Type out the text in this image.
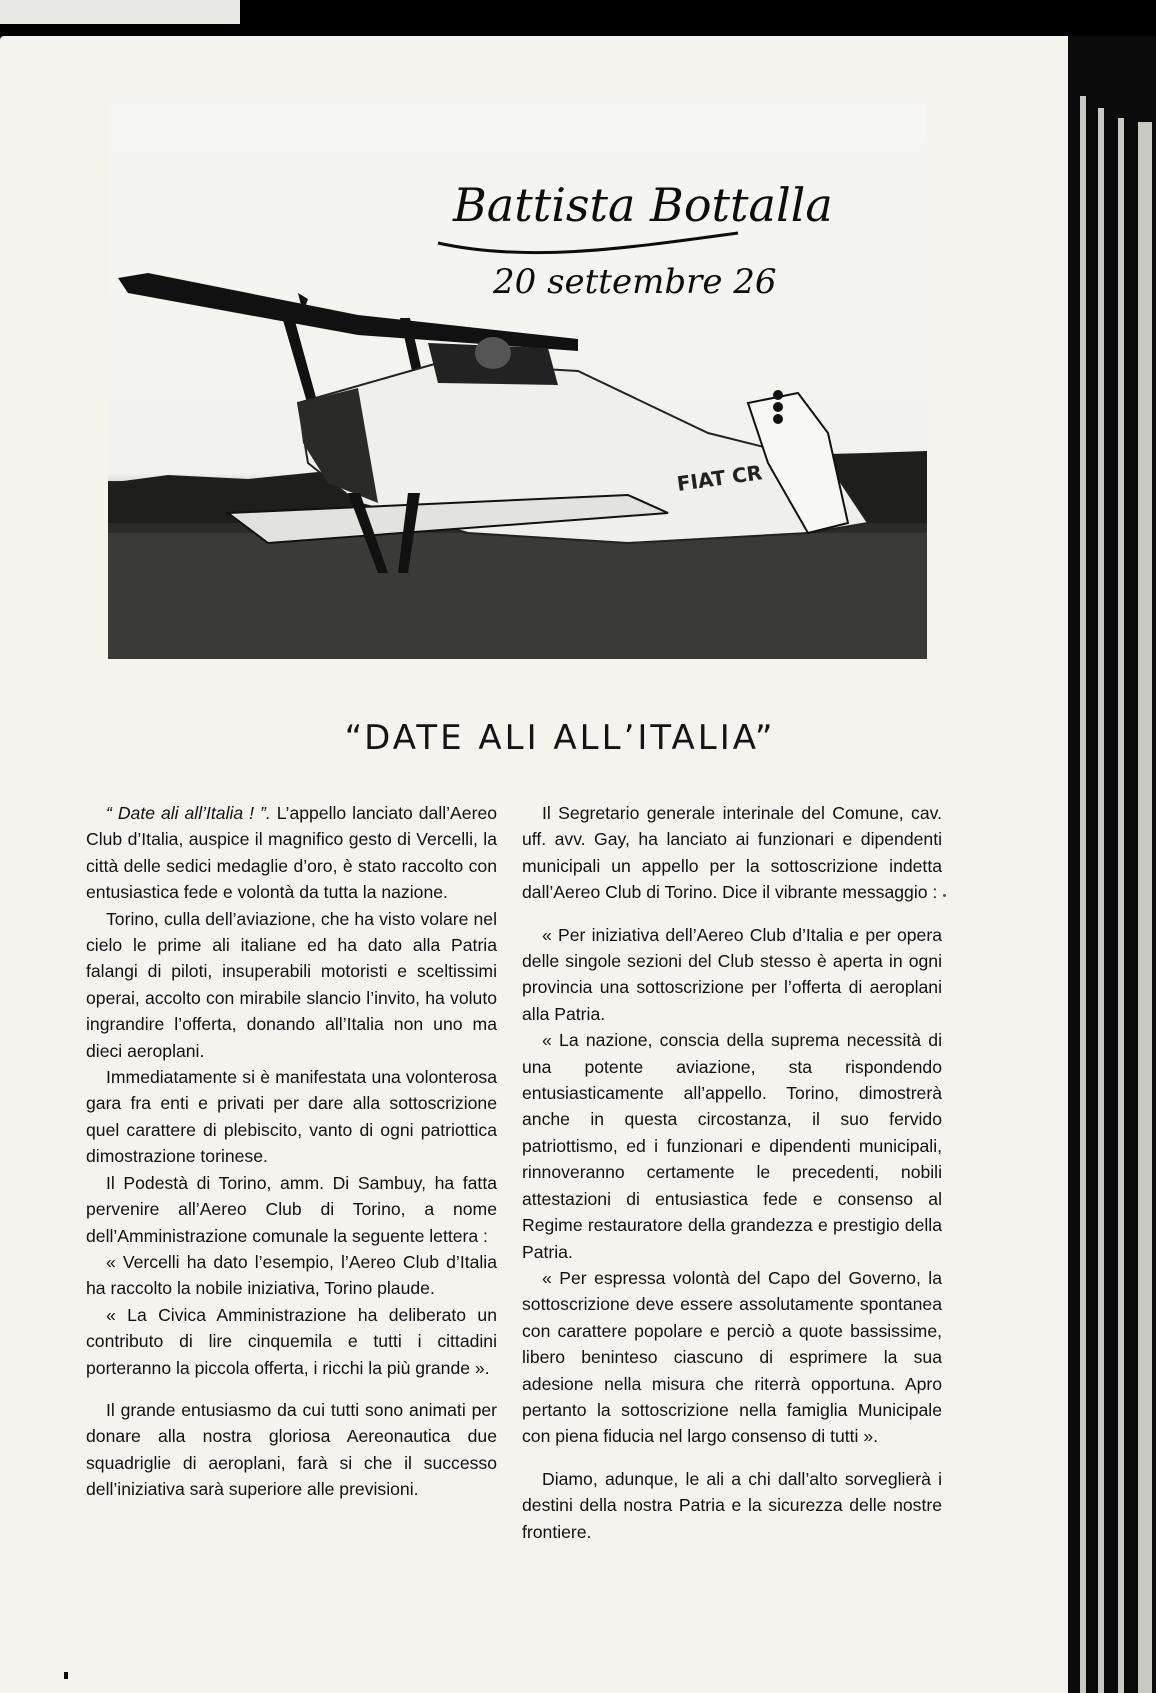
FIAT CR
Battista Bottalla
20 settembre 26
“DATE ALI ALL’ITALIA”

“ Date ali all’Italia ! ”. L’appello lanciato dall’Aereo Club d’Italia, auspice il magnifico gesto di Vercelli, la città delle sedici medaglie d’oro, è stato raccolto con entusiastica fede e volontà da tutta la nazione.

Torino, culla dell’aviazione, che ha visto volare nel cielo le prime ali italiane ed ha dato alla Patria falangi di piloti, insuperabili motoristi e sceltissimi operai, accolto con mirabile slancio l’invito, ha voluto ingrandire l’offerta, donando all’Italia non uno ma dieci aeroplani.

Immediatamente si è manifestata una volonterosa gara fra enti e privati per dare alla sottoscrizione quel carattere di plebiscito, vanto di ogni patriottica dimostrazione torinese.

Il Podestà di Torino, amm. Di Sambuy, ha fatta pervenire all’Aereo Club di Torino, a nome dell’Amministrazione comunale la seguente lettera :

« Vercelli ha dato l’esempio, l’Aereo Club d’Italia ha raccolto la nobile iniziativa, Torino plaude.

« La Civica Amministrazione ha deliberato un contributo di lire cinquemila e tutti i cittadini porteranno la piccola offerta, i ricchi la più grande ».

Il grande entusiasmo da cui tutti sono animati per donare alla nostra gloriosa Aereonautica due squadriglie di aeroplani, farà si che il successo dell’iniziativa sarà superiore alle previsioni.

Il Segretario generale interinale del Comune, cav. uff. avv. Gay, ha lanciato ai funzionari e dipendenti municipali un appello per la sottoscrizione indetta dall’Aereo Club di Torino. Dice il vibrante messaggio :

« Per iniziativa dell’Aereo Club d’Italia e per opera delle singole sezioni del Club stesso è aperta in ogni provincia una sottoscrizione per l’offerta di aeroplani alla Patria.

« La nazione, conscia della suprema necessità di una potente aviazione, sta rispondendo entusiasticamente all’appello. Torino, dimostrerà anche in questa circostanza, il suo fervido patriottismo, ed i funzionari e dipendenti municipali, rinnoveranno certamente le precedenti, nobili attestazioni di entusiastica fede e consenso al Regime restauratore della grandezza e prestigio della Patria.

« Per espressa volontà del Capo del Governo, la sottoscrizione deve essere assolutamente spontanea con carattere popolare e perciò a quote bassissime, libero beninteso ciascuno di esprimere la sua adesione nella misura che riterrà opportuna. Apro pertanto la sottoscrizione nella famiglia Municipale con piena fiducia nel largo consenso di tutti ».

Diamo, adunque, le ali a chi dall’alto sorveglierà i destini della nostra Patria e la sicurezza delle nostre frontiere.
